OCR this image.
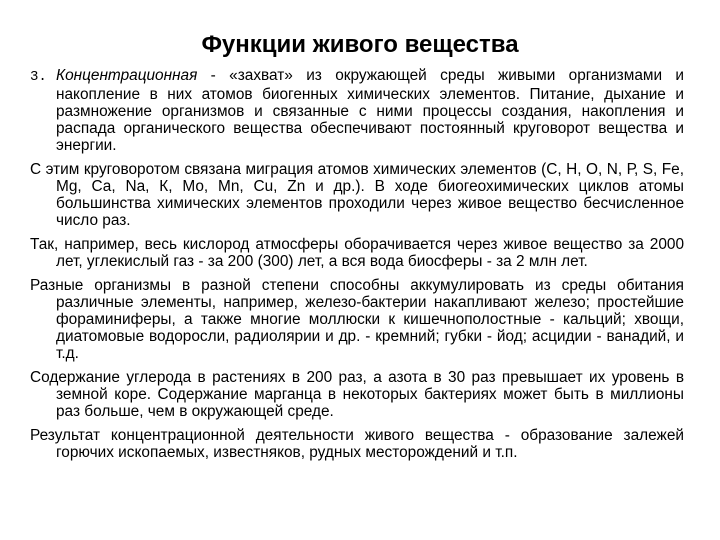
Функции живого вещества

3. Концентрационная - «захват» из окружающей среды живыми организмами и накопление в них атомов биогенных химических элементов. Питание, дыхание и размножение организмов и связанные с ними процессы создания, накопления и распада органического вещества обеспечивают постоянный круговорот вещества и энергии.

С этим круговоротом связана миграция атомов химических элементов (С, Н, О, N, Р, S, Fe, Mg, Са, Na, К, Мо, Mn, Cu, Zn и др.). В ходе биогеохимических циклов атомы большинства химических элементов проходили через живое вещество бесчисленное число раз.

Так, например, весь кислород атмосферы оборачивается через живое вещество за 2000 лет, углекислый газ - за 200 (300) лет, а вся вода биосферы - за 2 млн лет.

Разные организмы в разной степени способны аккумулировать из среды обитания различные элементы, например, железо-бактерии накапливают железо; простейшие фораминиферы, а также многие моллюски к кишечнополостные - кальций; хвощи, диатомовые водоросли, радиолярии и др. - кремний; губки - йод; асцидии - ванадий, и т.д.

Содержание углерода в растениях в 200 раз, а азота в 30 раз превышает их уровень в земной коре. Содержание марганца в некоторых бактериях может быть в миллионы раз больше, чем в окружающей среде.

Результат концентрационной деятельности живого вещества - образование залежей горючих ископаемых, известняков, рудных месторождений и т.п.
